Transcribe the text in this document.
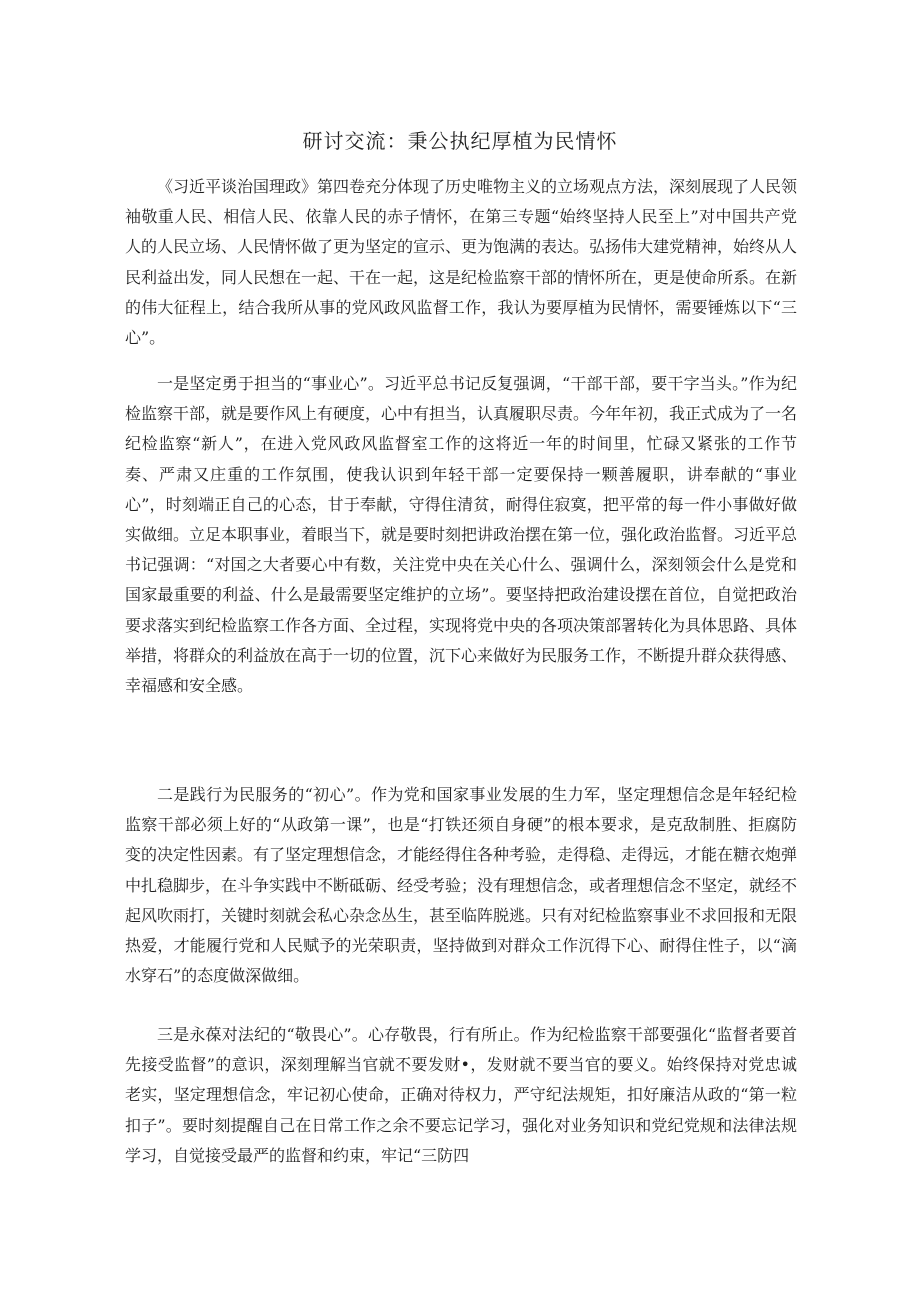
研讨交流：秉公执纪厚植为民情怀

《习近平谈治国理政》第四卷充分体现了历史唯物主义的立场观点方法，深刻展现了人民领袖敬重人民、相信人民、依靠人民的赤子情怀，在第三专题“始终坚持人民至上”对中国共产党人的人民立场、人民情怀做了更为坚定的宣示、更为饱满的表达。弘扬伟大建党精神，始终从人民利益出发，同人民想在一起、干在一起，这是纪检监察干部的情怀所在，更是使命所系。在新的伟大征程上，结合我所从事的党风政风监督工作，我认为要厚植为民情怀，需要锤炼以下“三心”。

一是坚定勇于担当的“事业心”。习近平总书记反复强调，“干部干部，要干字当头。”作为纪检监察干部，就是要作风上有硬度，心中有担当，认真履职尽责。今年年初，我正式成为了一名纪检监察“新人”，在进入党风政风监督室工作的这将近一年的时间里，忙碌又紧张的工作节奏、严肃又庄重的工作氛围，使我认识到年轻干部一定要保持一颗善履职，讲奉献的“事业心”，时刻端正自己的心态，甘于奉献，守得住清贫，耐得住寂寞，把平常的每一件小事做好做实做细。立足本职事业，着眼当下，就是要时刻把讲政治摆在第一位，强化政治监督。习近平总书记强调：“对国之大者要心中有数，关注党中央在关心什么、强调什么，深刻领会什么是党和国家最重要的利益、什么是最需要坚定维护的立场”。要坚持把政治建设摆在首位，自觉把政治要求落实到纪检监察工作各方面、全过程，实现将党中央的各项决策部署转化为具体思路、具体举措，将群众的利益放在高于一切的位置，沉下心来做好为民服务工作，不断提升群众获得感、幸福感和安全感。

二是践行为民服务的“初心”。作为党和国家事业发展的生力军，坚定理想信念是年轻纪检监察干部必须上好的“从政第一课”，也是“打铁还须自身硬”的根本要求，是克敌制胜、拒腐防变的决定性因素。有了坚定理想信念，才能经得住各种考验，走得稳、走得远，才能在糖衣炮弹中扎稳脚步，在斗争实践中不断砥砺、经受考验；没有理想信念，或者理想信念不坚定，就经不起风吹雨打，关键时刻就会私心杂念丛生，甚至临阵脱逃。只有对纪检监察事业不求回报和无限热爱，才能履行党和人民赋予的光荣职责，坚持做到对群众工作沉得下心、耐得住性子，以“滴水穿石”的态度做深做细。

三是永葆对法纪的“敬畏心”。心存敬畏，行有所止。作为纪检监察干部要强化“监督者要首先接受监督”的意识，深刻理解当官就不要发财•，发财就不要当官的要义。始终保持对党忠诚老实，坚定理想信念，牢记初心使命，正确对待权力，严守纪法规矩，扣好廉洁从政的“第一粒扣子”。要时刻提醒自己在日常工作之余不要忘记学习，强化对业务知识和党纪党规和法律法规学习，自觉接受最严的监督和约束，牢记“三防四
